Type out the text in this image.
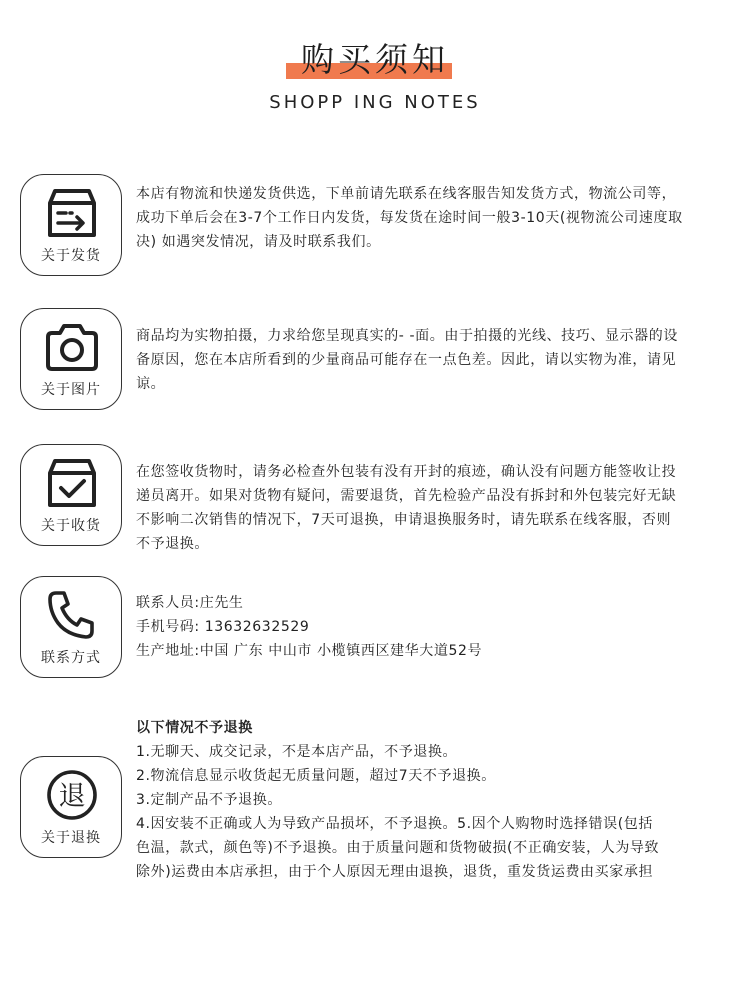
购买须知
SHOPP ING NOTES
关于发货
本店有物流和快递发货供选，下单前请先联系在线客服告知发货方式，物流公司等，
成功下单后会在3-7个工作日内发货，每发货在途时间一般3-10天(视物流公司速度取
决) 如遇突发情况，请及时联系我们。
关于图片
商品均为实物拍摄，力求给您呈现真实的- -面。由于拍摄的光线、技巧、显示器的设
备原因，您在本店所看到的少量商品可能存在一点色差。因此，请以实物为准，请见
谅。
关于收货
在您签收货物时，请务必检查外包装有没有开封的痕迹，确认没有问题方能签收让投
递员离开。如果对货物有疑问，需要退货，首先检验产品没有拆封和外包装完好无缺
不影响二次销售的情况下，7天可退换，申请退换服务时，请先联系在线客服，否则
不予退换。
联系方式
联系人员:庄先生
手机号码: 13632632529
生产地址:中国 广东 中山市 小榄镇西区建华大道52号
退
关于退换
以下情况不予退换
1.无聊天、成交记录，不是本店产品，不予退换。
2.物流信息显示收货起无质量问题，超过7天不予退换。
3.定制产品不予退换。
4.因安装不正确或人为导致产品损坏，不予退换。5.因个人购物时选择错误(包括
色温，款式，颜色等)不予退换。由于质量问题和货物破损(不正确安装，人为导致
除外)运费由本店承担，由于个人原因无理由退换，退货，重发货运费由买家承担
